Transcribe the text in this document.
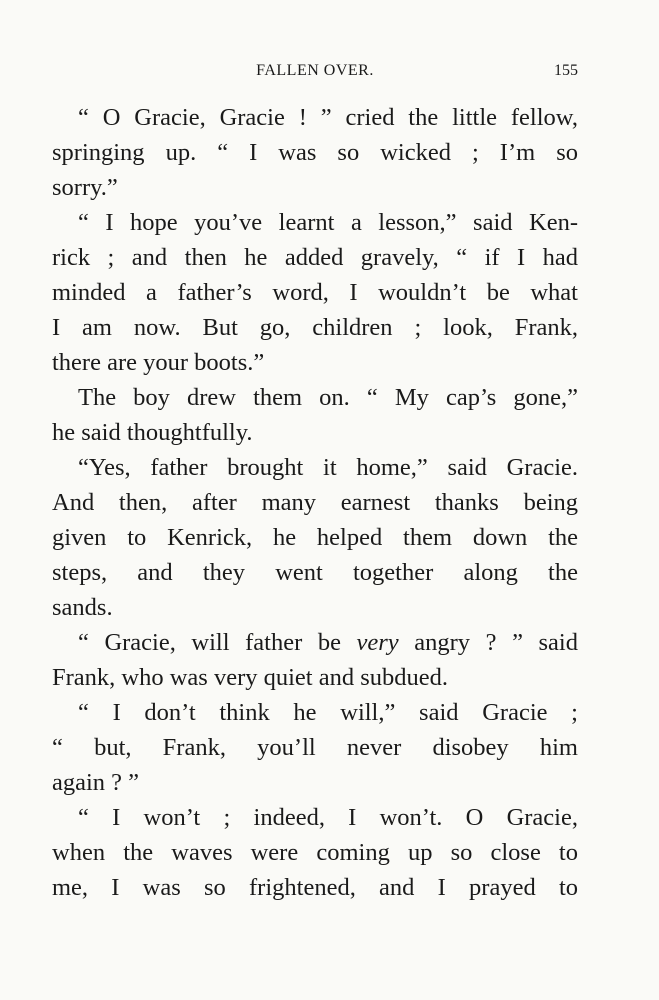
FALLEN OVER.	155
“ O Gracie, Gracie ! ” cried the little fellow,
springing up. “ I was so wicked ; I’m so
sorry.”
“ I hope you’ve learnt a lesson,” said Ken-
rick ; and then he added gravely, “ if I had
minded a father’s word, I wouldn’t be what
I am now. But go, children ; look, Frank,
there are your boots.”
The boy drew them on. “ My cap’s gone,”
he said thoughtfully.
“Yes, father brought it home,” said Gracie.
And then, after many earnest thanks being
given to Kenrick, he helped them down the
steps, and they went together along the
sands.
“ Gracie, will father be very angry ? ” said
Frank, who was very quiet and subdued.
“ I don’t think he will,” said Gracie ;
“ but, Frank, you’ll never disobey him
again ? ”
“ I won’t ; indeed, I won’t. O Gracie,
when the waves were coming up so close to
me, I was so frightened, and I prayed to
